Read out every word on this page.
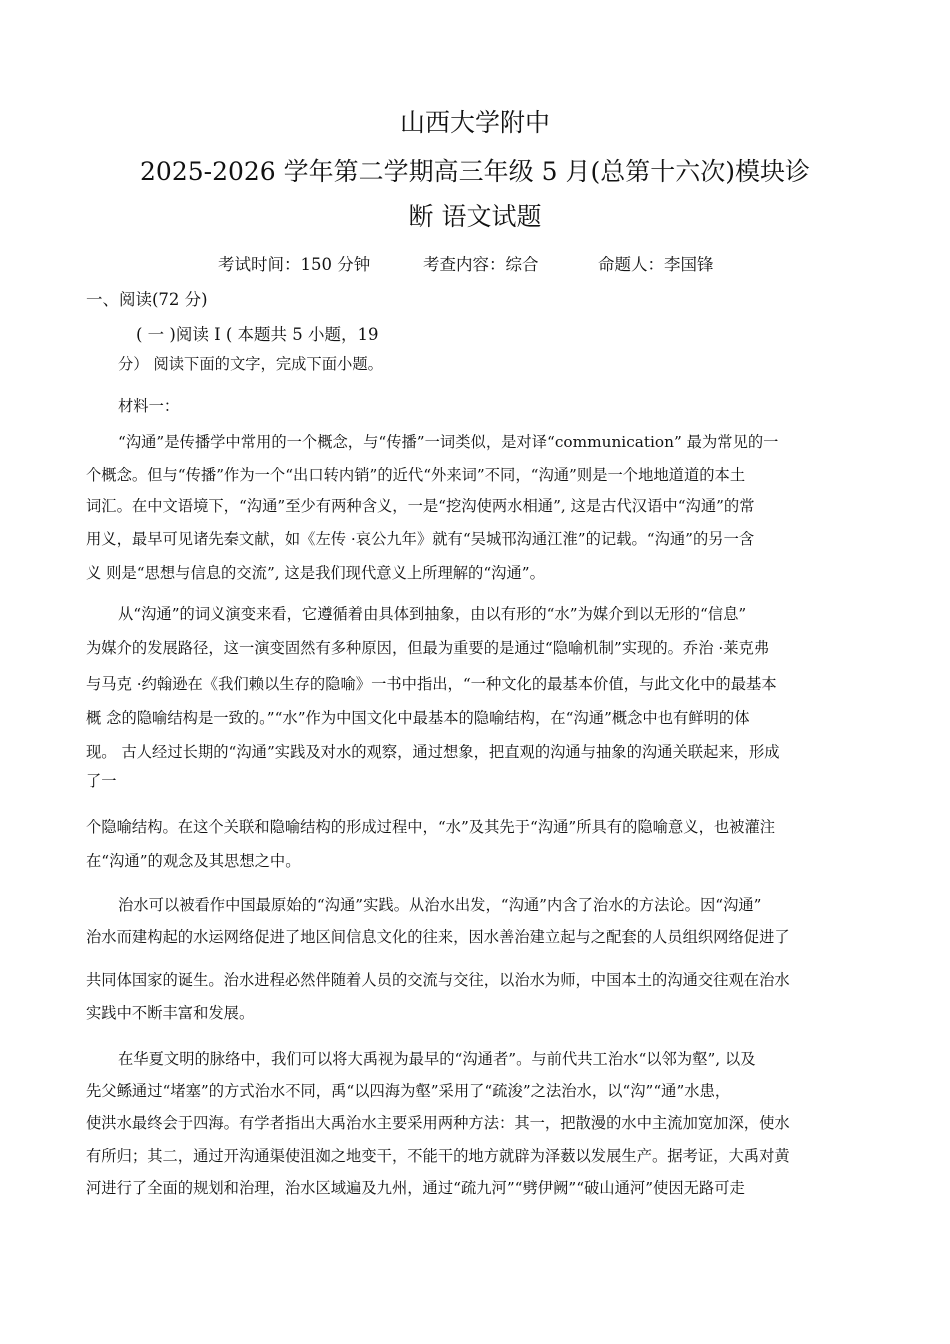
山西大学附中
2025-2026 学年第二学期高三年级 5 月(总第十六次)模块诊
断 语文试题
考试时间：150 分钟	考查内容：综合	命题人：李国锋
一、阅读(72 分)
( 一 )阅读 I ( 本题共 5 小题，19
分） 阅读下面的文字，完成下面小题。
材料一：
“沟通”是传播学中常用的一个概念，与“传播”一词类似，是对译“communication” 最为常见的一
个概念。但与“传播”作为一个“出口转内销”的近代“外来词”不同，“沟通”则是一个地地道道的本土
词汇。在中文语境下，“沟通”至少有两种含义，一是“挖沟使两水相通”, 这是古代汉语中“沟通”的常
用义，最早可见诸先秦文献，如《左传 ·哀公九年》就有“吴城邗沟通江淮”的记载。“沟通”的另一含
义 则是“思想与信息的交流”, 这是我们现代意义上所理解的“沟通”。
从“沟通”的词义演变来看，它遵循着由具体到抽象，由以有形的“水”为媒介到以无形的“信息”
为媒介的发展路径，这一演变固然有多种原因，但最为重要的是通过“隐喻机制”实现的。乔治 ·莱克弗
与马克 ·约翰逊在《我们赖以生存的隐喻》一书中指出，“一种文化的最基本价值，与此文化中的最基本
概 念的隐喻结构是一致的。”“水”作为中国文化中最基本的隐喻结构，在“沟通”概念中也有鲜明的体
现。 古人经过长期的“沟通”实践及对水的观察，通过想象，把直观的沟通与抽象的沟通关联起来，形成
了一
个隐喻结构。在这个关联和隐喻结构的形成过程中，“水”及其先于“沟通”所具有的隐喻意义，也被灌注
在“沟通”的观念及其思想之中。
治水可以被看作中国最原始的“沟通”实践。从治水出发，“沟通”内含了治水的方法论。因“沟通”
治水而建构起的水运网络促进了地区间信息文化的往来，因水善治建立起与之配套的人员组织网络促进了
共同体国家的诞生。治水进程必然伴随着人员的交流与交往，以治水为师，中国本土的沟通交往观在治水
实践中不断丰富和发展。
在华夏文明的脉络中，我们可以将大禹视为最早的“沟通者”。与前代共工治水“以邻为壑”, 以及
先父鲧通过“堵塞”的方式治水不同，禹“以四海为壑”采用了“疏浚”之法治水，以“沟”“通”水患，
使洪水最终会于四海。有学者指出大禹治水主要采用两种方法：其一，把散漫的水中主流加宽加深，使水
有所归；其二，通过开沟通渠使沮洳之地变干，不能干的地方就辟为泽薮以发展生产。据考证，大禹对黄
河进行了全面的规划和治理，治水区域遍及九州，通过“疏九河”“劈伊阙”“破山通河”使因无路可走
